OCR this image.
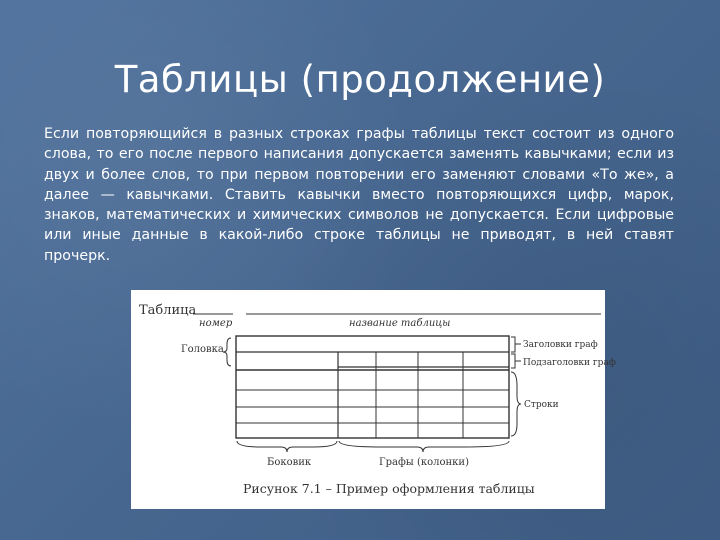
Таблицы (продолжение)
Если повторяющийся в разных строках графы таблицы текст состоит из одного слова, то его после первого написания допускается заменять кавычками; если из двух и более слов, то при первом повторении его заменяют словами «То же», а далее — кавычками. Ставить кавычки вместо повторяющихся цифр, марок, знаков, математических и химических символов не допускается. Если цифровые или иные данные в какой-либо строке таблицы не приводят, в ней ставят прочерк.
Таблица
номер	название таблицы
Головка	Заголовки граф
Подзаголовки граф
Строки
Боковик	Графы (колонки)
Рисунок 7.1 – Пример оформления таблицы
